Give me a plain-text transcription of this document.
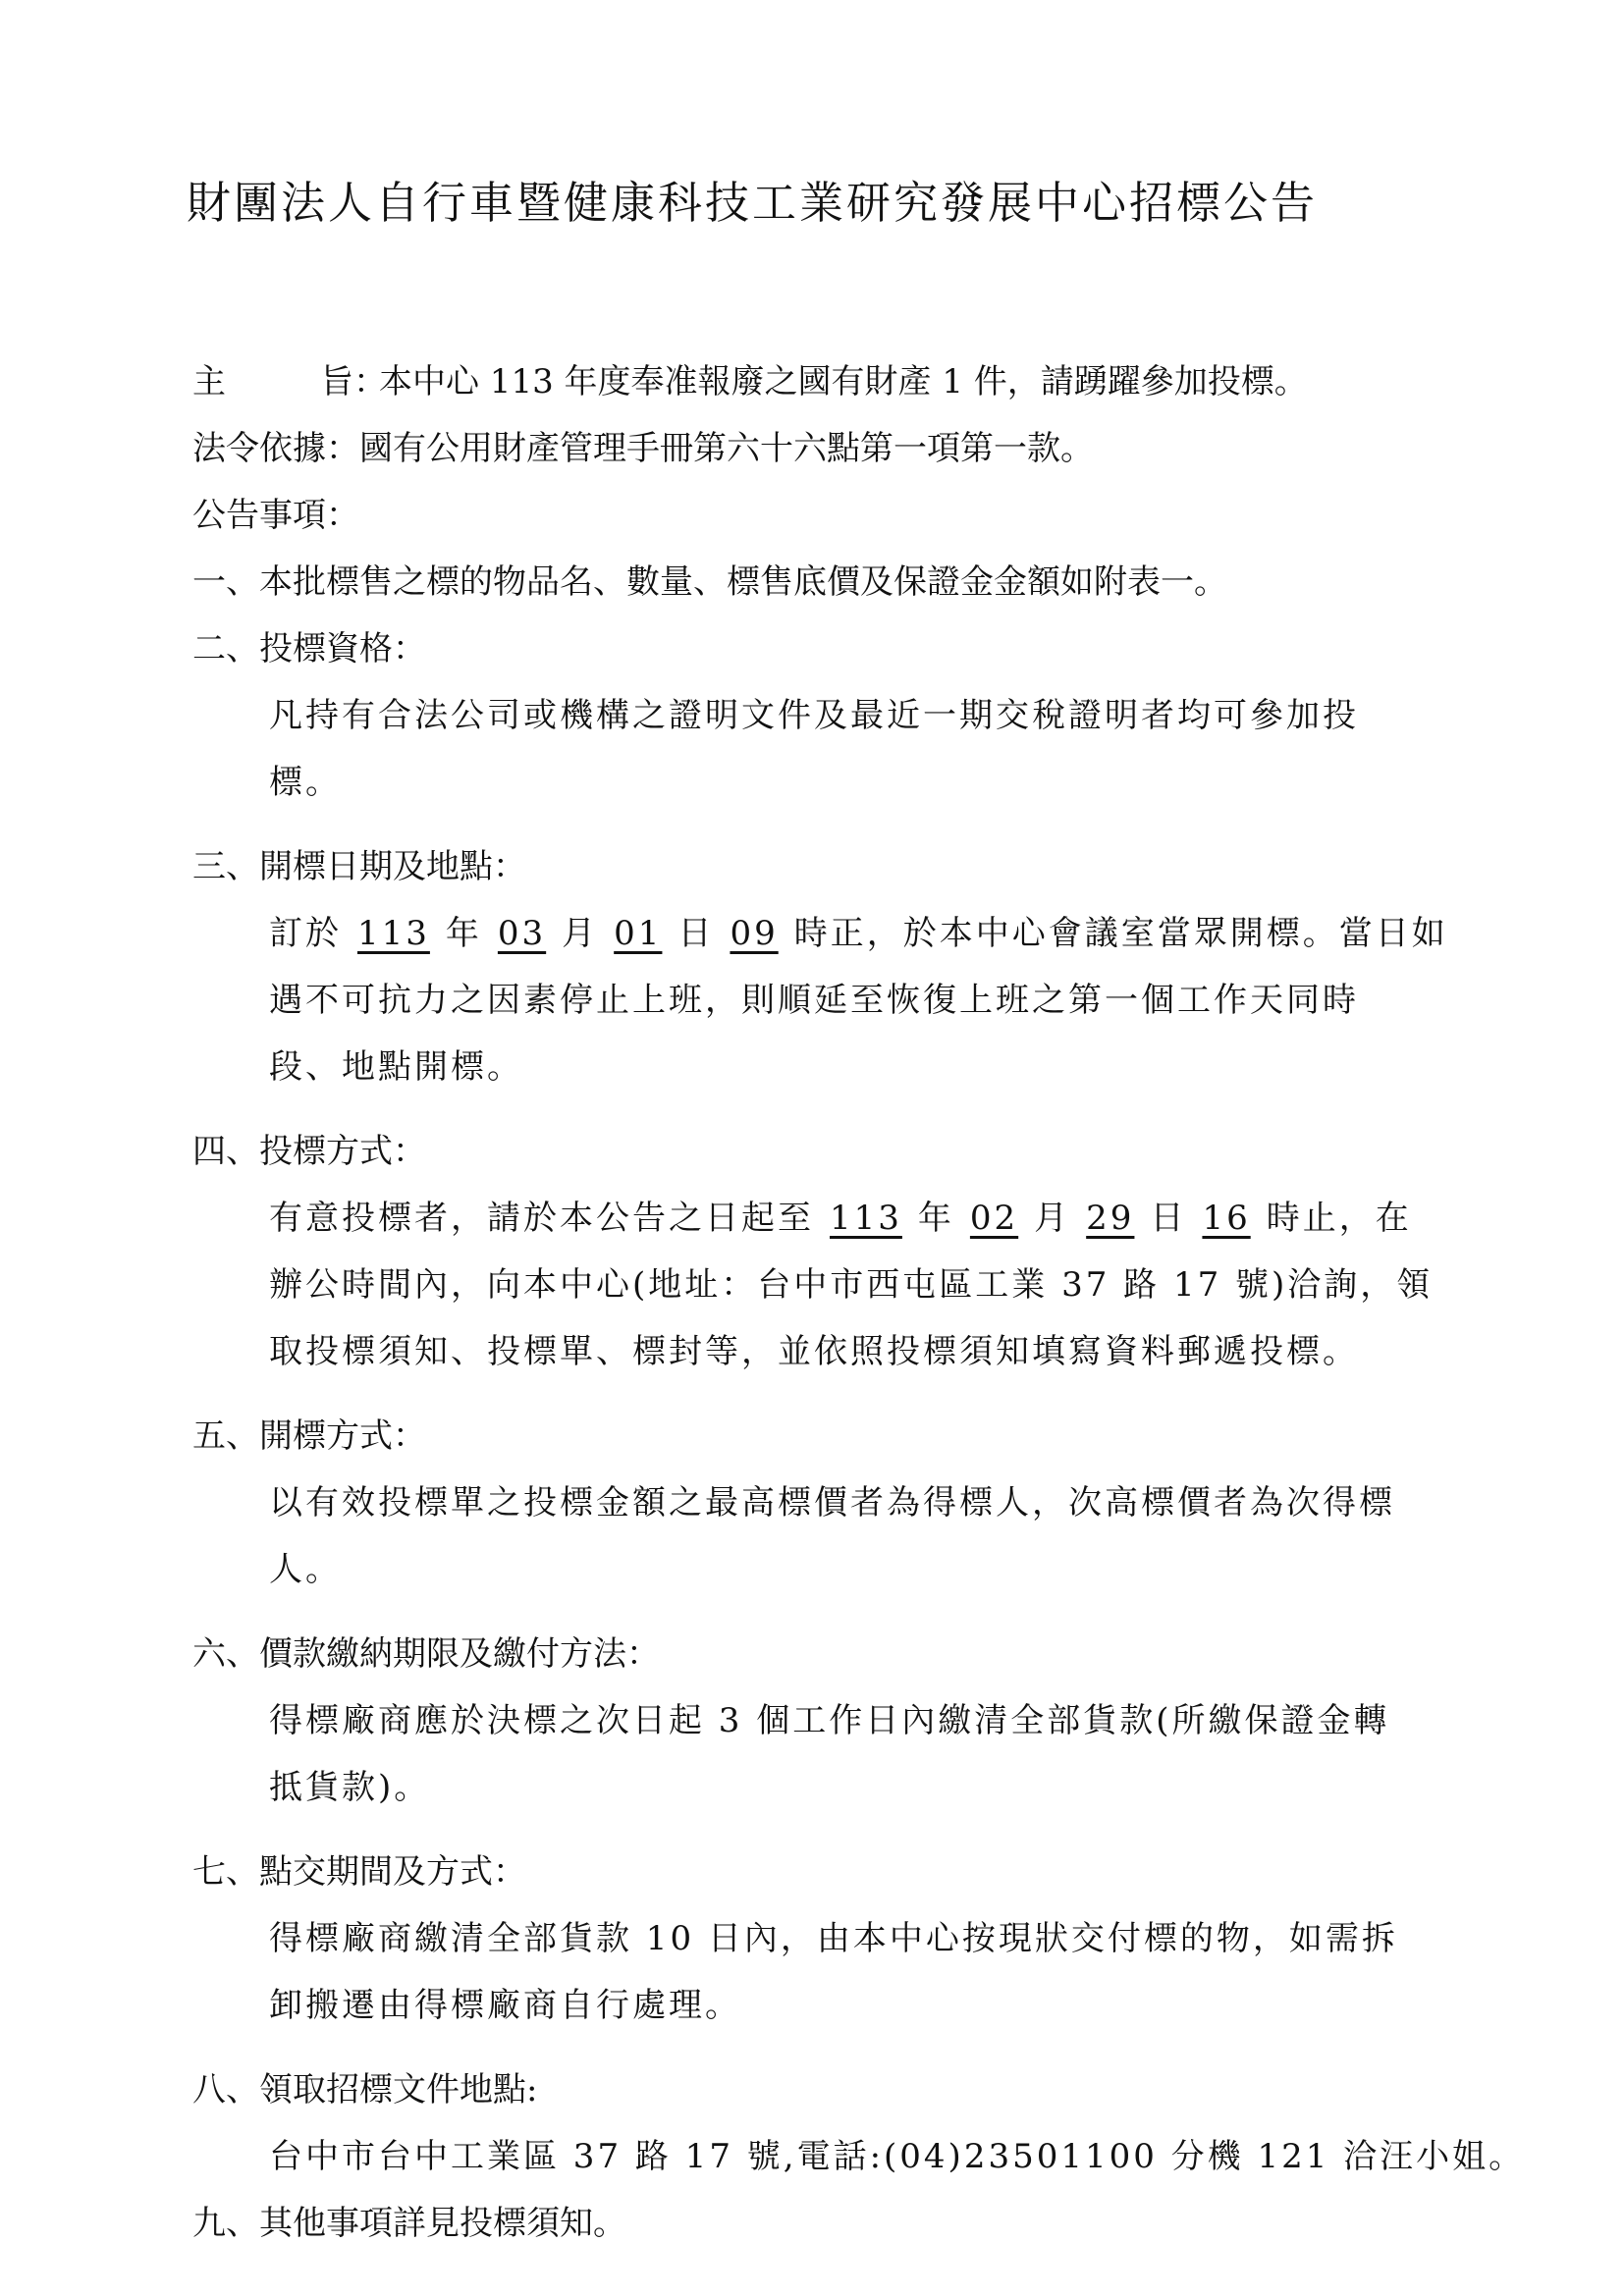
財團法人自行車暨健康科技工業研究發展中心招標公告
主	旨：
本中心 113 年度奉准報廢之國有財產 1 件，請踴躍參加投標。
法令依據： 國有公用財產管理手冊第六十六點第一項第一款。
公告事項：
一、 本批標售之標的物品名、數量、標售底價及保證金金額如附表一。
二、 投標資格：
凡持有合法公司或機構之證明文件及最近一期交稅證明者均可參加投
標。
三、 開標日期及地點：
訂於 113 年 03 月 01 日 09 時正，於本中心會議室當眾開標。當日如
遇不可抗力之因素停止上班，則順延至恢復上班之第一個工作天同時
段、地點開標。
四、 投標方式：
有意投標者，請於本公告之日起至 113 年 02 月 29 日 16 時止，在
辦公時間內，向本中心(地址：台中市西屯區工業 37 路 17 號)洽詢，領
取投標須知、投標單、標封等，並依照投標須知填寫資料郵遞投標。
五、 開標方式：
以有效投標單之投標金額之最高標價者為得標人，次高標價者為次得標
人。
六、 價款繳納期限及繳付方法：
得標廠商應於決標之次日起 3 個工作日內繳清全部貨款(所繳保證金轉
抵貨款)。
七、 點交期間及方式：
得標廠商繳清全部貨款 10 日內，由本中心按現狀交付標的物，如需拆
卸搬遷由得標廠商自行處理。
八、 領取招標文件地點:
台中市台中工業區 37 路 17 號,電話:(04)23501100 分機 121 洽汪小姐。
九、 其他事項詳見投標須知。
